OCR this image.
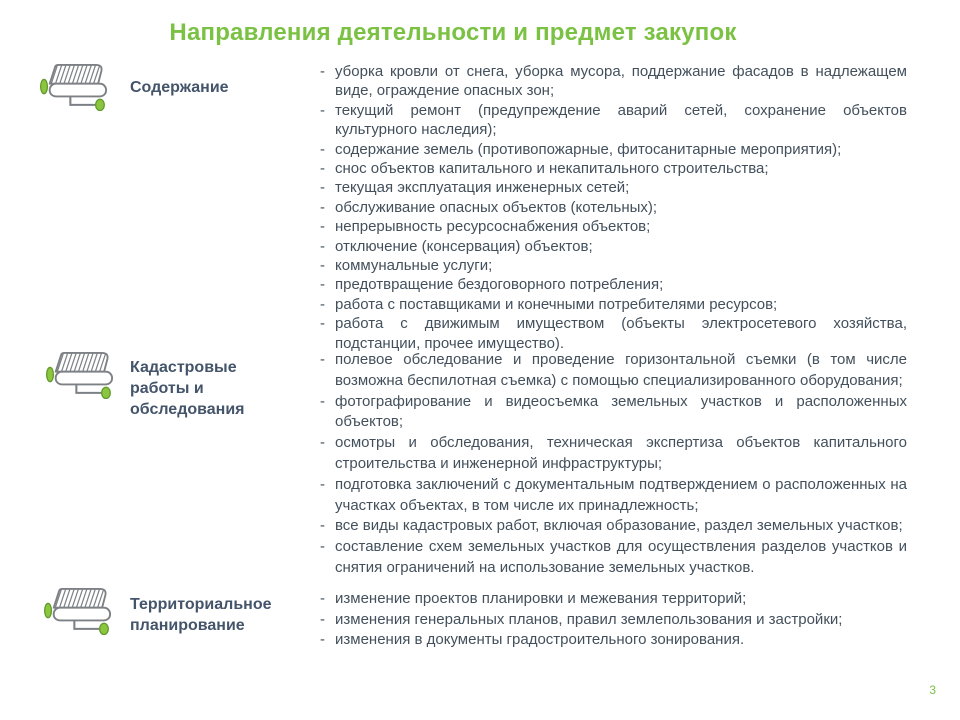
Направления деятельности и предмет закупок
Содержание
- уборка кровли от снега, уборка мусора, поддержание фасадов в надлежащем виде, ограждение опасных зон;
- текущий ремонт (предупреждение аварий сетей, сохранение объектов культурного наследия);
- содержание земель (противопожарные, фитосанитарные мероприятия);
- снос объектов капитального и некапитального строительства;
- текущая эксплуатация инженерных сетей;
- обслуживание опасных объектов (котельных);
- непрерывность ресурсоснабжения объектов;
- отключение (консервация) объектов;
- коммунальные услуги;
- предотвращение бездоговорного потребления;
- работа с поставщиками и конечными потребителями ресурсов;
- работа с движимым имуществом (объекты электросетевого хозяйства, подстанции, прочее имущество).
Кадастровые работы и обследования
- полевое обследование и проведение горизонтальной съемки (в том числе возможна беспилотная съемка) с помощью специализированного оборудования;
- фотографирование и видеосъемка земельных участков и расположенных объектов;
- осмотры и обследования, техническая экспертиза объектов капитального строительства и инженерной инфраструктуры;
- подготовка заключений с документальным подтверждением о расположенных на участках объектах, в том числе их принадлежность;
- все виды кадастровых работ, включая образование, раздел земельных участков;
- составление схем земельных участков для осуществления разделов участков и снятия ограничений на использование земельных участков.
Территориальное планирование
- изменение проектов планировки и межевания территорий;
- изменения генеральных планов, правил землепользования и застройки;
- изменения в документы градостроительного зонирования.
3
